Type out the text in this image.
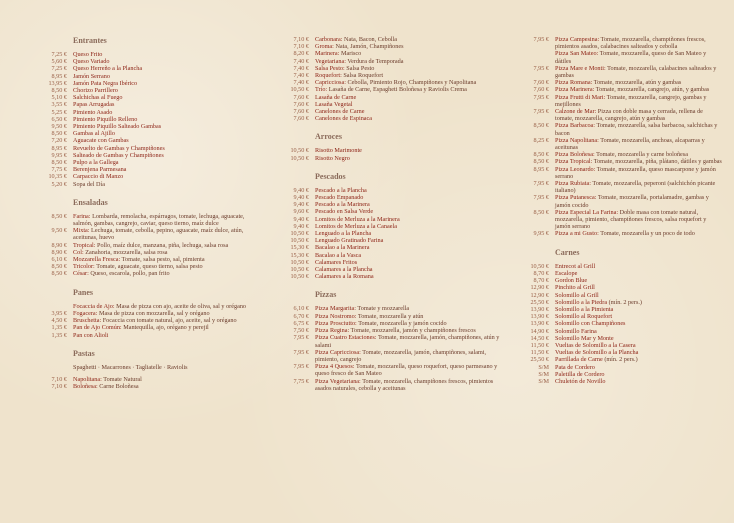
Entrantes
7,25 € Queso Frito
5,60 € Queso Variado
7,25 € Queso Herreño a la Plancha
8,95 € Jamón Serrano
13,95 € Jamón Pata Negra Ibérico
8,50 € Chorizo Parrillero
5,10 € Salchichas al Fuego
3,55 € Papas Arrugadas
5,25 € Pimiento Asado
6,50 € Pimiento Piquillo Relleno
9,50 € Pimiento Piquillo Salteado Gambas
8,50 € Gambas al Ajillo
7,20 € Aguacate con Gambas
8,95 € Revuelto de Gambas y Champiñones
9,95 € Salteado de Gambas y Champiñones
8,50 € Pulpo a la Gallega
7,75 € Berenjena Parmesana
10,35 € Carpaccio di Manzo
5,20 € Sopa del Día
Ensaladas
8,50 € Farina: Lombarda, remolacha, espárragos, tomate, lechuga, aguacate, salmón, gambas, cangrejo, caviar, queso tierno, maíz dulce
9,50 € Mixta: Lechuga, tomate, cebolla, pepino, aguacate, maíz dulce, atún, aceitunas, huevo
8,90 € Tropical: Pollo, maíz dulce, manzana, piña, lechuga, salsa rosa
8,90 € Col: Zanahoria, mozzarella, salsa rosa
6,10 € Mozzarella Fresca: Tomate, salsa pesto, sal, pimienta
8,50 € Tricolor: Tomate, aguacate, queso tierno, salsa pesto
8,50 € César: Queso, escarola, pollo, pan frito
Panes
Focaccia de Ajo: Masa de pizza con ajo, aceite de oliva, sal y orégano
3,95 € Fogacera: Masa de pizza con mozzarella, sal y orégano
4,50 € Bruschetta: Focaccia con tomate natural, ajo, aceite, sal y orégano
1,35 € Pan de Ajo Común: Mantequilla, ajo, orégano y perejil
1,35 € Pan con Alioli
Pastas
Spaghetti · Macarrones · Tagliatelle · Raviolis
7,10 € Napolitana: Tomate Natural
7,10 € Boloñesa: Carne Boloñesa
7,10 € Carbonara: Nata, Bacon, Cebolla
7,10 € Groma: Nata, Jamón, Champiñones
8,20 € Marinera: Marisco
7,40 € Vegetariana: Verdura de Temporada
7,40 € Salsa Pesto: Salsa Pesto
7,40 € Roquefort: Salsa Roquefort
7,40 € Capricciosa: Cebolla, Pimiento Rojo, Champiñones y Napolitana
10,50 € Trío: Lasaña de Carne, Espagheti Boloñesa y Raviolis Crema
7,60 € Lasaña de Carne
7,60 € Lasaña Vegetal
7,60 € Canelones de Carne
7,60 € Canelones de Espinaca
Arroces
10,50 € Risotto Marimonte
10,50 € Risotto Negro
Pescados
9,40 € Pescado a la Plancha
9,40 € Pescado Empanado
9,40 € Pescado a la Marinera
9,60 € Pescado en Salsa Verde
9,40 € Lomitos de Merluza a la Marinera
9,40 € Lomitos de Merluza a la Canaela
10,50 € Lenguado a la Plancha
10,50 € Lenguado Gratinado Farina
15,30 € Bacalao a la Marinera
15,30 € Bacalao a la Vasca
10,50 € Calamares Fritos
10,50 € Calamares a la Plancha
10,50 € Calamares a la Romana
Pizzas
6,10 € Pizza Margarita: Tomate y mozzarella
6,70 € Pizza Nostromo: Tomate, mozzarella y atún
6,75 € Pizza Prosciutto: Tomate, mozzarella y jamón cocido
7,50 € Pizza Regina: Tomate, mozzarella, jamón y champiñones frescos
7,95 € Pizza Cuatro Estaciones: Tomate, mozzarella, jamón, champiñones, atún y salami
7,95 € Pizza Capricciosa: Tomate, mozzarella, jamón, champiñones, salami, pimiento, cangrejo
7,95 € Pizza 4 Quesos: Tomate, mozzarella, queso roquefort, queso parmesano y queso fresco de San Mateo
7,75 € Pizza Vegetariana: Tomate, mozzarella, champiñones frescos, pimientos asados naturales, cebolla y aceitunas
7,95 € Pizza Campesina: Tomate, mozzarella, champiñones frescos, pimientos asados, calabacines salteados y cebolla
Pizza San Mateo: Tomate, mozzarella, queso de San Mateo y dátiles
7,95 € Pizza Mare e Monti: Tomate, mozzarella, calabacines salteados y gambas
7,60 € Pizza Romana: Tomate, mozzarella, atún y gambas
7,60 € Pizza Marinera: Tomate, mozzarella, cangrejo, atún, y gambas
7,95 € Pizza Frutti di Mari: Tomate, mozzarella, cangrejo, gambas y mejillones
7,95 € Calzone de Mar: Pizza con doble masa y cerrada, rellena de tomate, mozzarella, cangrejo, atún y gambas
8,50 € Pizza Barbacoa: Tomate, mozzarella, salsa barbacoa, salchichas y bacon
8,25 € Pizza Napolitana: Tomate, mozzarella, anchoas, alcaparras y aceitunas
8,50 € Pizza Boloñesa: Tomate, mozzarella y carne boloñesa
8,50 € Pizza Tropical: Tomate, mozzarella, piña, plátano, dátiles y gambas
8,95 € Pizza Leonardo: Tomate, mozzarella, queso mascarpone y jamón serrano
7,95 € Pizza Rubiata: Tomate, mozzarella, peperoni (salchichón picante italiano)
7,95 € Pizza Putanesca: Tomate, mozzarella, portalamadre, gambas y jamón cocido
8,50 € Pizza Especial La Farina: Doble masa con tomate natural, mozzarella, pimiento, champiñones frescos, salsa roquefort y jamón serrano
9,95 € Pizza a mi Gusto: Tomate, mozzarella y un poco de todo
Carnes
10,50 € Entrecot al Grill
8,70 € Escalope
8,70 € Gordon Blue
12,90 € Pinchito al Grill
12,90 € Solomillo al Grill
25,50 € Solomillo a la Piedra (mín. 2 pers.)
13,90 € Solomillo a la Pimienta
13,90 € Solomillo al Roquefort
13,90 € Solomillo con Champiñones
14,90 € Solomillo Farina
14,50 € Solomillo Mar y Monte
11,50 € Vueltas de Solomillo a la Casera
11,50 € Vueltas de Solomillo a la Plancha
25,50 € Parrillada de Carne (mín. 2 pers.)
S/M Pata de Cordero
S/M Paletilla de Cordero
S/M Chuletón de Novillo
